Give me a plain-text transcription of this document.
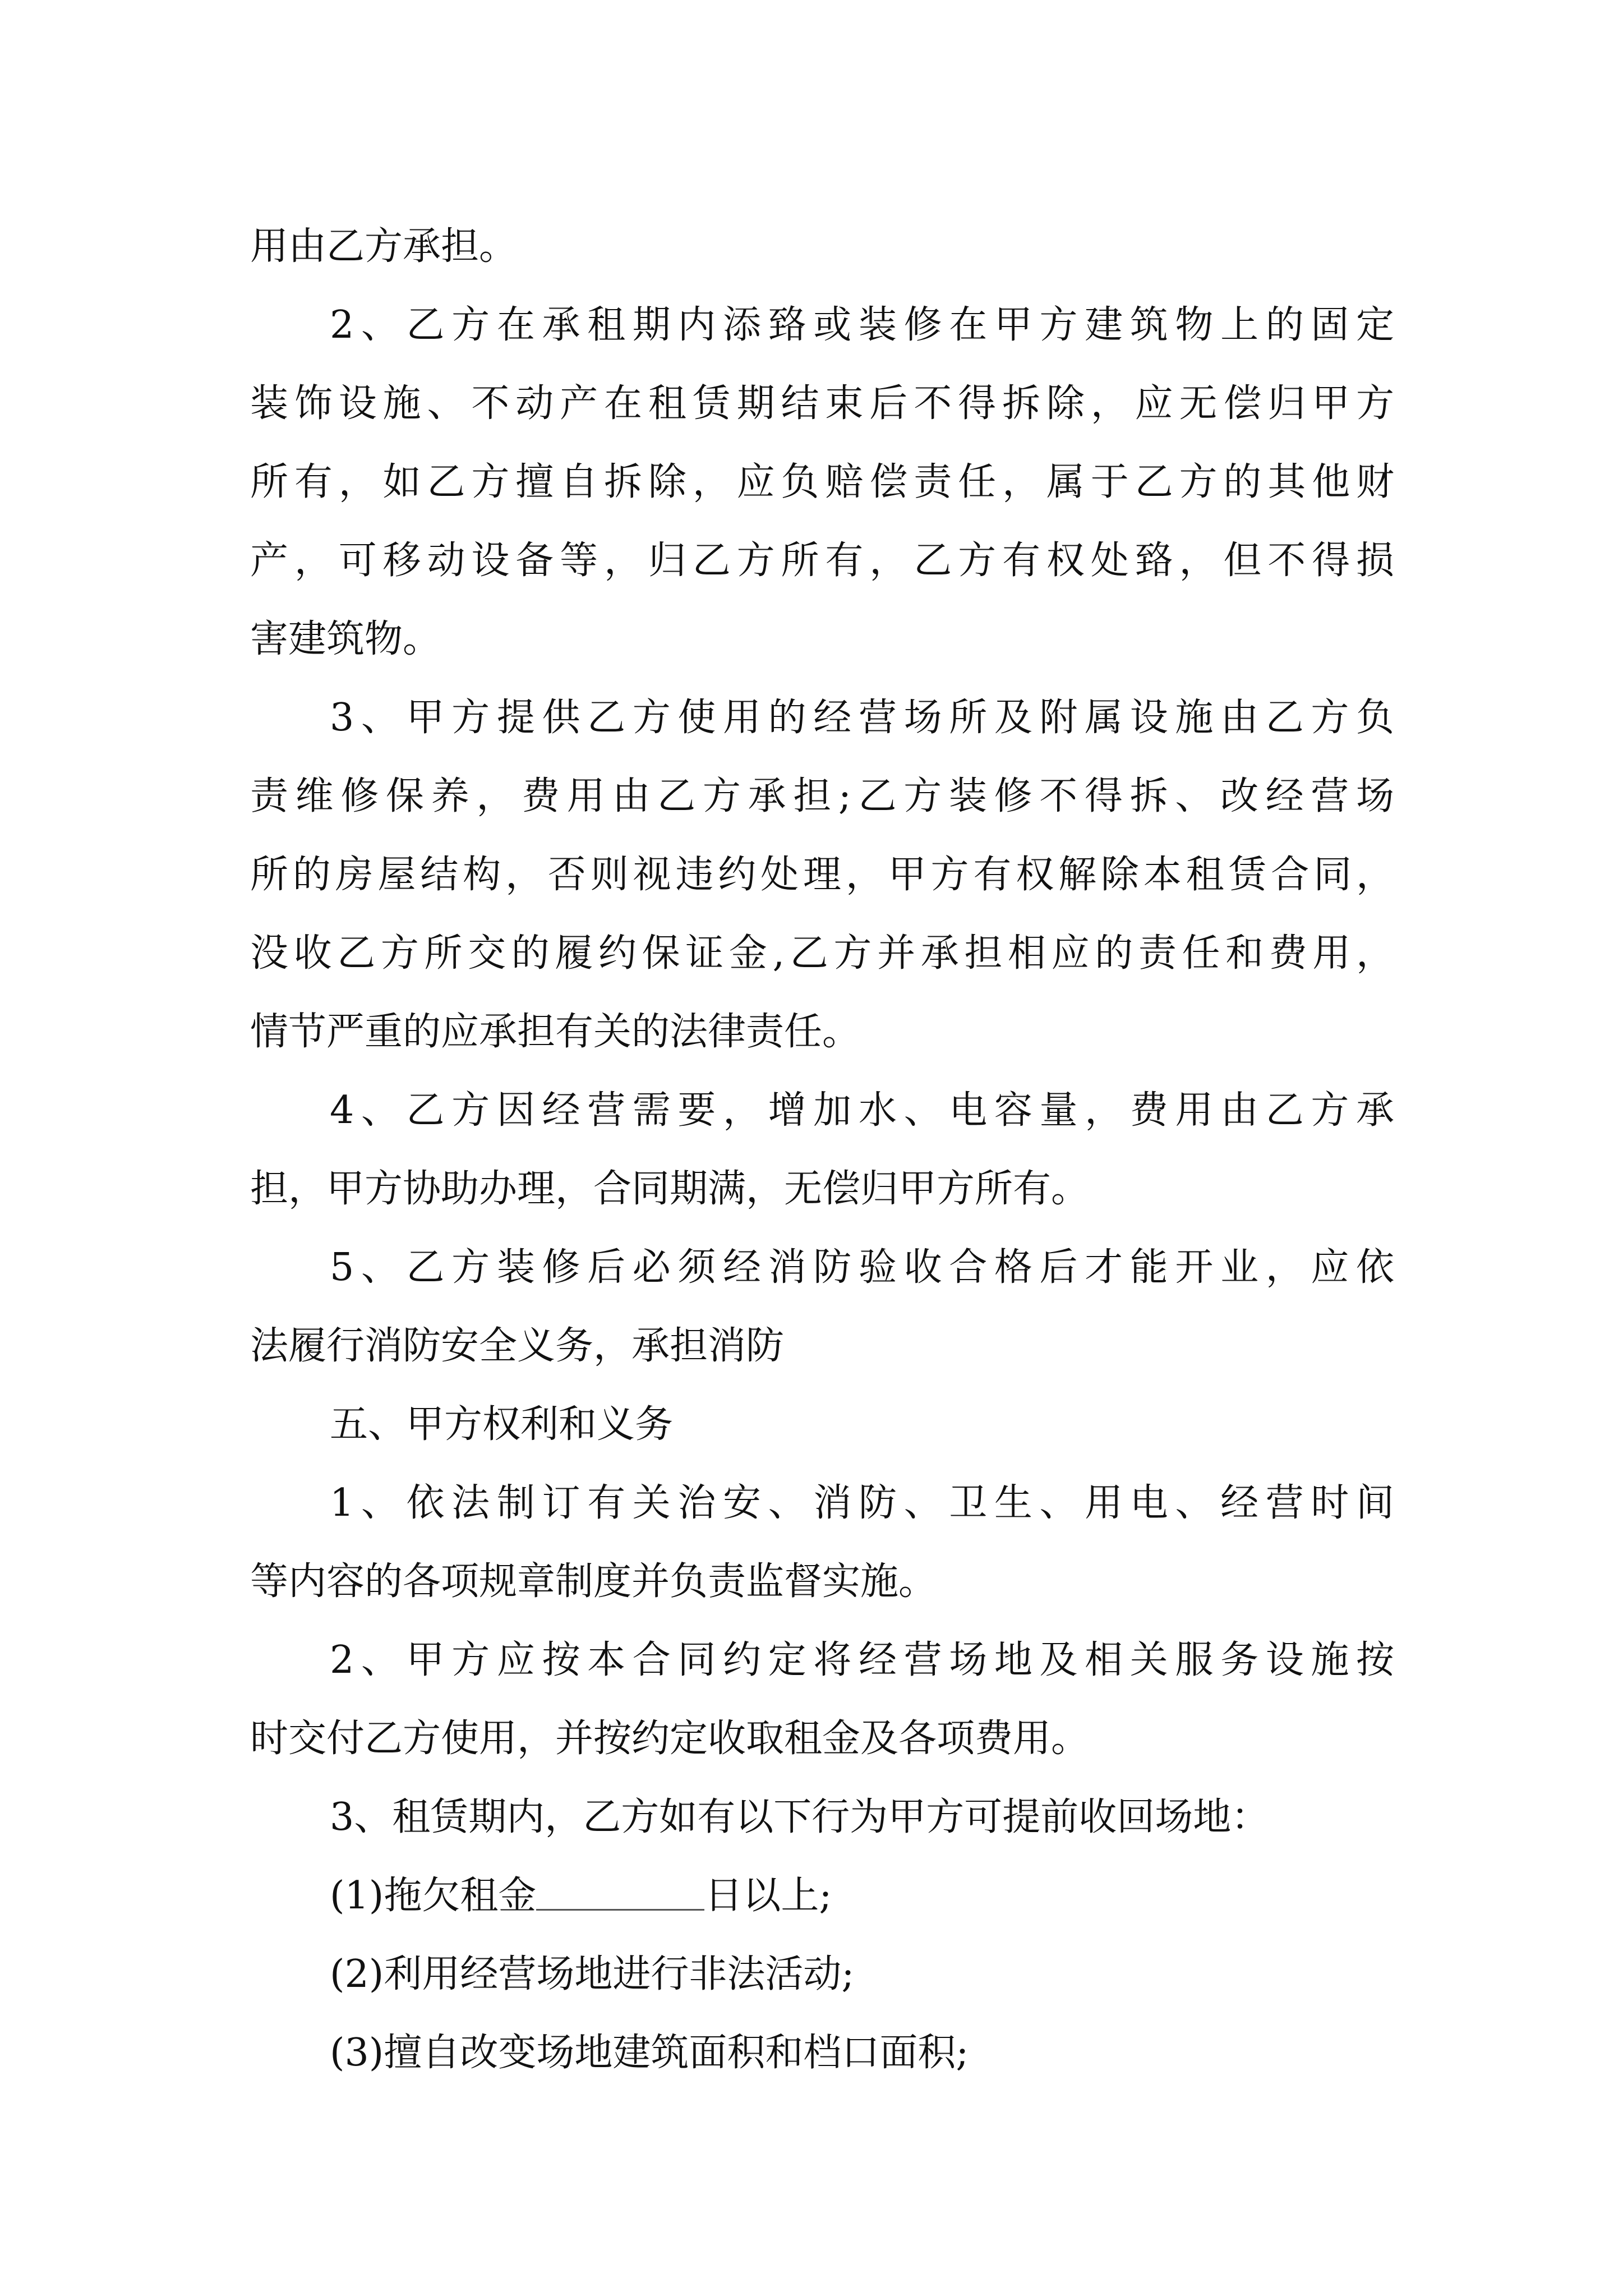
用由乙方承担。
2、乙方在承租期内添臵或装修在甲方建筑物上的固定
装饰设施、不动产在租赁期结束后不得拆除，应无偿归甲方
所有，如乙方擅自拆除，应负赔偿责任，属于乙方的其他财
产，可移动设备等，归乙方所有，乙方有权处臵，但不得损
害建筑物。
3、甲方提供乙方使用的经营场所及附属设施由乙方负
责维修保养，费用由乙方承担;乙方装修不得拆、改经营场
所的房屋结构，否则视违约处理，甲方有权解除本租赁合同，
没收乙方所交的履约保证金,乙方并承担相应的责任和费用，
情节严重的应承担有关的法律责任。
4、乙方因经营需要，增加水、电容量，费用由乙方承
担，甲方协助办理，合同期满，无偿归甲方所有。
5、乙方装修后必须经消防验收合格后才能开业，应依
法履行消防安全义务，承担消防
五、甲方权利和义务
1、依法制订有关治安、消防、卫生、用电、经营时间
等内容的各项规章制度并负责监督实施。
2、甲方应按本合同约定将经营场地及相关服务设施按
时交付乙方使用，并按约定收取租金及各项费用。
3、租赁期内，乙方如有以下行为甲方可提前收回场地：
(1)拖欠租金	日以上;
(2)利用经营场地进行非法活动;
(3)擅自改变场地建筑面积和档口面积;
